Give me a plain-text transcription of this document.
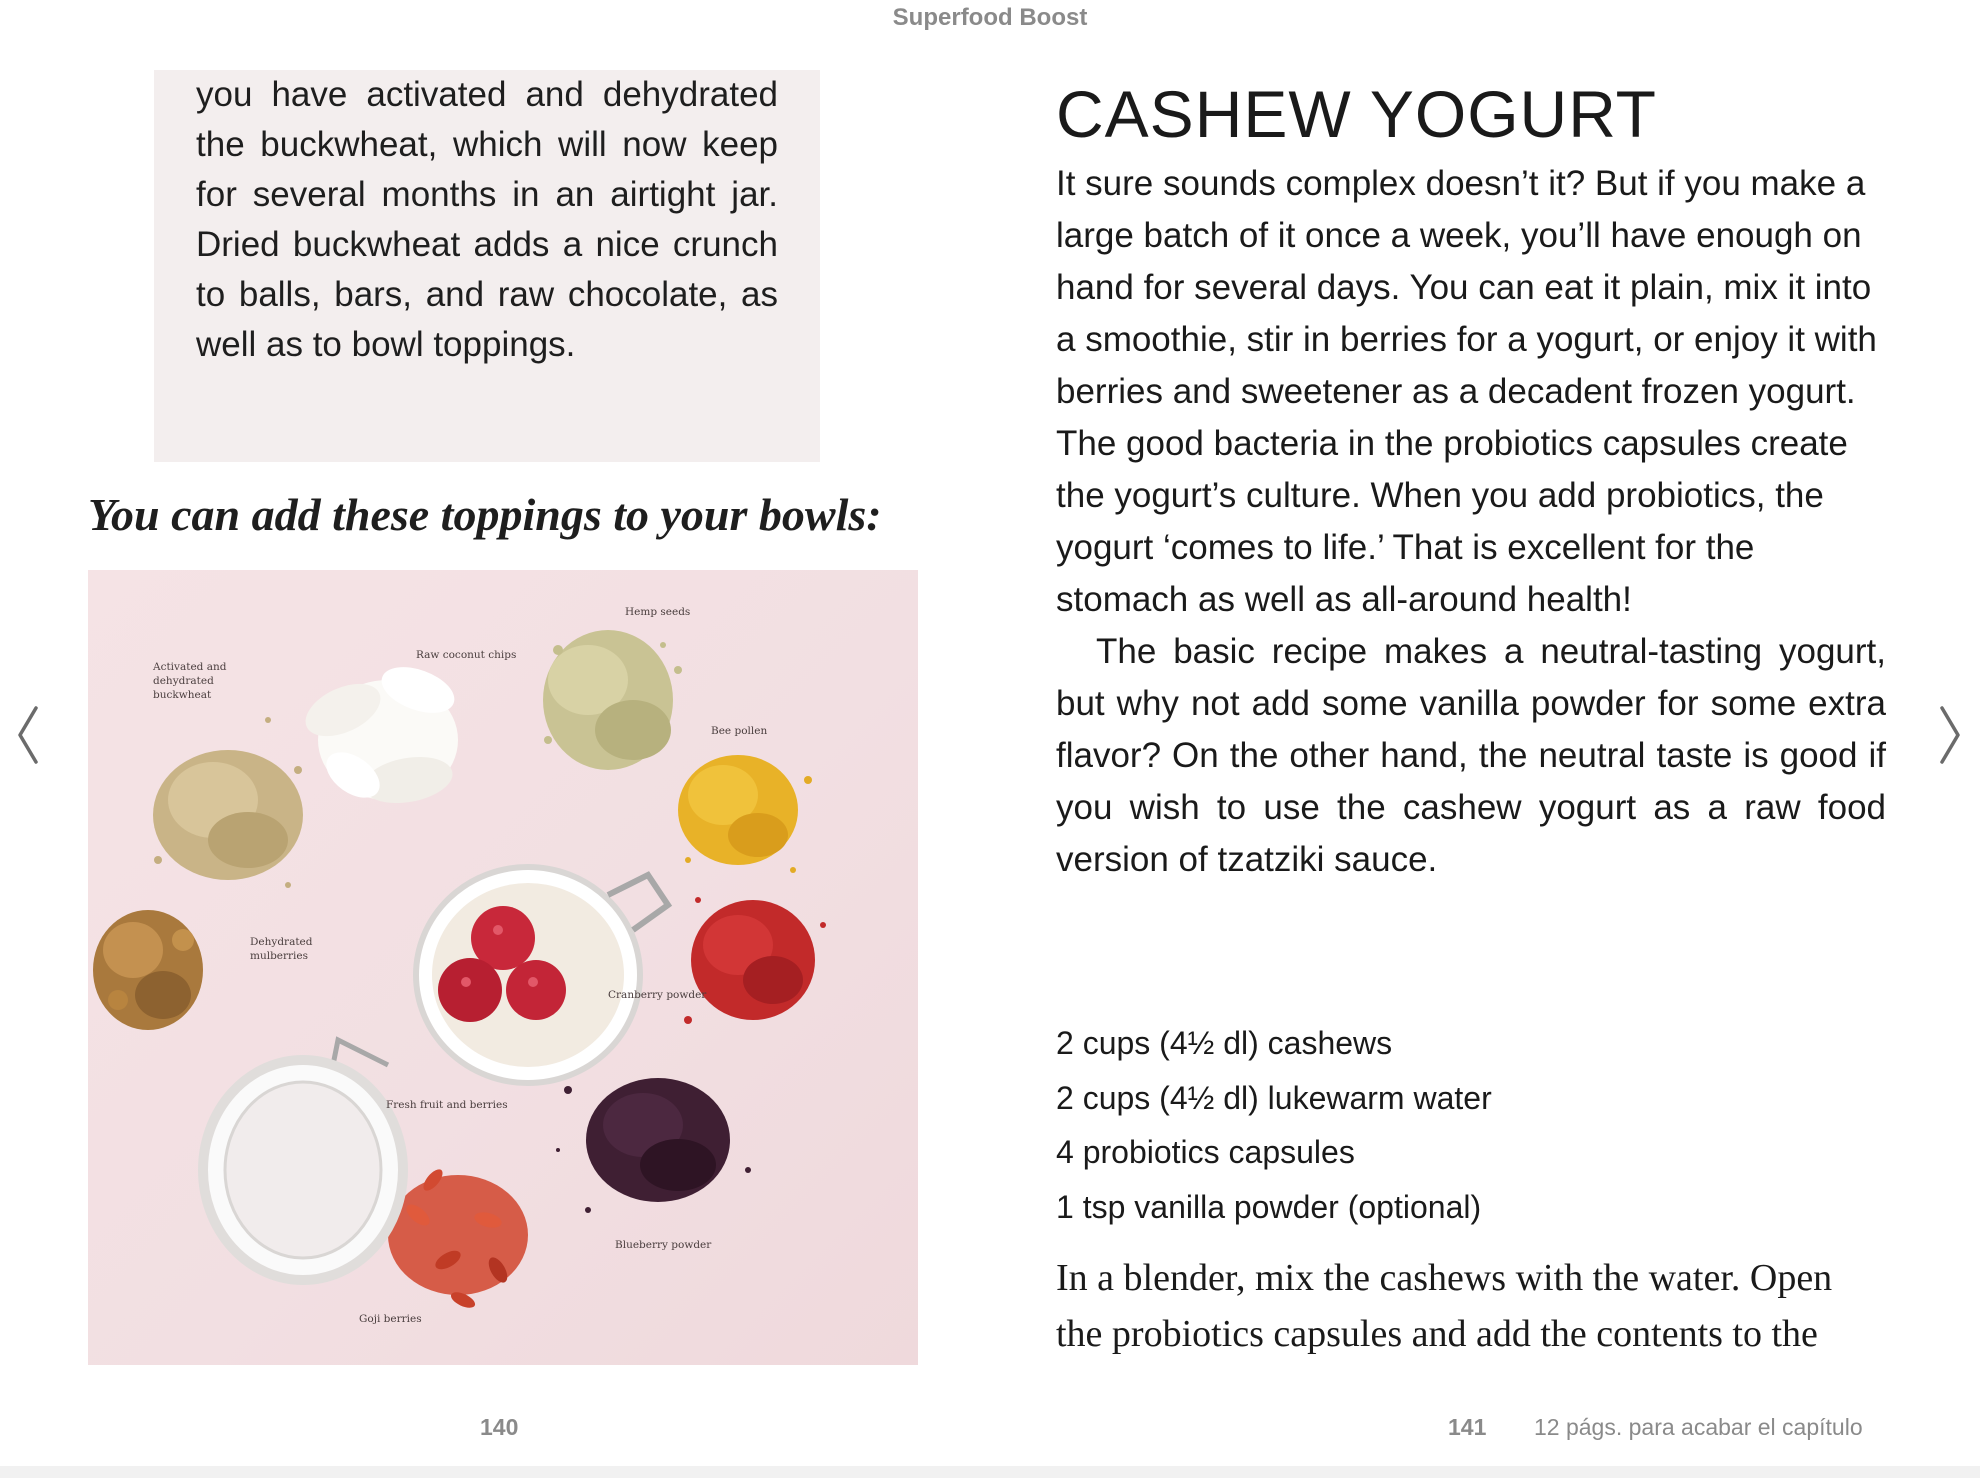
Superfood Boost

you have activated and dehydrated the buckwheat, which will now keep for several months in an airtight jar. Dried buckwheat adds a nice crunch to balls, bars, and raw chocolate, as well as to bowl toppings.

You can add these toppings to your bowls:
Hemp seeds
Raw coconut chips
Activated and
dehydrated
buckwheat
Bee pollen
Dehydrated
mulberries
Cranberry powder
Fresh fruit and berries
Blueberry powder
Goji berries
140
CASHEW YOGURT

It sure sounds complex doesn’t it? But if you make a large batch of it once a week, you’ll have enough on hand for several days. You can eat it plain, mix it into a smoothie, stir in berries for a yogurt, or enjoy it with berries and sweetener as a decadent frozen yogurt. The good bacteria in the probiotics capsules create the yogurt’s culture. When you add probiotics, the yogurt ‘comes to life.’ That is excellent for the stomach as well as all-around health!

The basic recipe makes a neutral-tasting yogurt, but why not add some vanilla powder for some extra flavor? On the other hand, the neutral taste is good if you wish to use the cashew yogurt as a raw food version of tzatziki sauce.

2 cups (4½ dl) cashews
2 cups (4½ dl) lukewarm water
4 probiotics capsules
1 tsp vanilla powder (optional)

In a blender, mix the cashews with the water. Open the probiotics capsules and add the contents to the

141 12 págs. para acabar el capítulo
